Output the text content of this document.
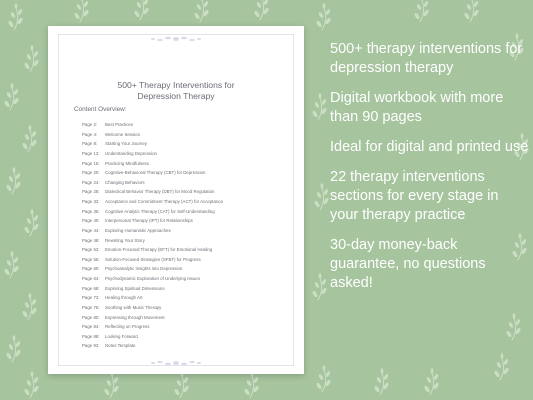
500+ Therapy Interventions for
Depression Therapy
Content Overview:
Page 2:	Best Practices
Page 4:	Welcome Session
Page 8:	Starting Your Journey
Page 12:	Understanding Depression
Page 16:	Practicing Mindfulness
Page 20:	Cognitive-Behavioral Therapy (CBT) for Depression
Page 24:	Changing Behaviors
Page 28:	Dialectical Behavior Therapy (DBT) for Mood Regulation
Page 32:	Acceptance and Commitment Therapy (ACT) for Acceptance
Page 36:	Cognitive Analytic Therapy (CAT) for Self-Understanding
Page 40:	Interpersonal Therapy (IPT) for Relationships
Page 44:	Exploring Humanistic Approaches
Page 48:	Rewriting Your Story
Page 52:	Emotion-Focused Therapy (EFT) for Emotional Healing
Page 56:	Solution-Focused Strategies (SFBT) for Progress
Page 60:	Psychoanalytic Insights into Depression
Page 64:	Psychodynamic Exploration of Underlying Issues
Page 68:	Exploring Spiritual Dimensions
Page 72:	Healing through Art
Page 76:	Soothing with Music Therapy
Page 80:	Expressing through Movement
Page 84:	Reflecting on Progress
Page 88:	Looking Forward
Page 92:	Notes Template
500+ therapy interventions for depression therapy
Digital workbook with more than 90 pages
Ideal for digital and printed use
22 therapy interventions sections for every stage in your therapy practice
30-day money-back guarantee, no questions asked!
